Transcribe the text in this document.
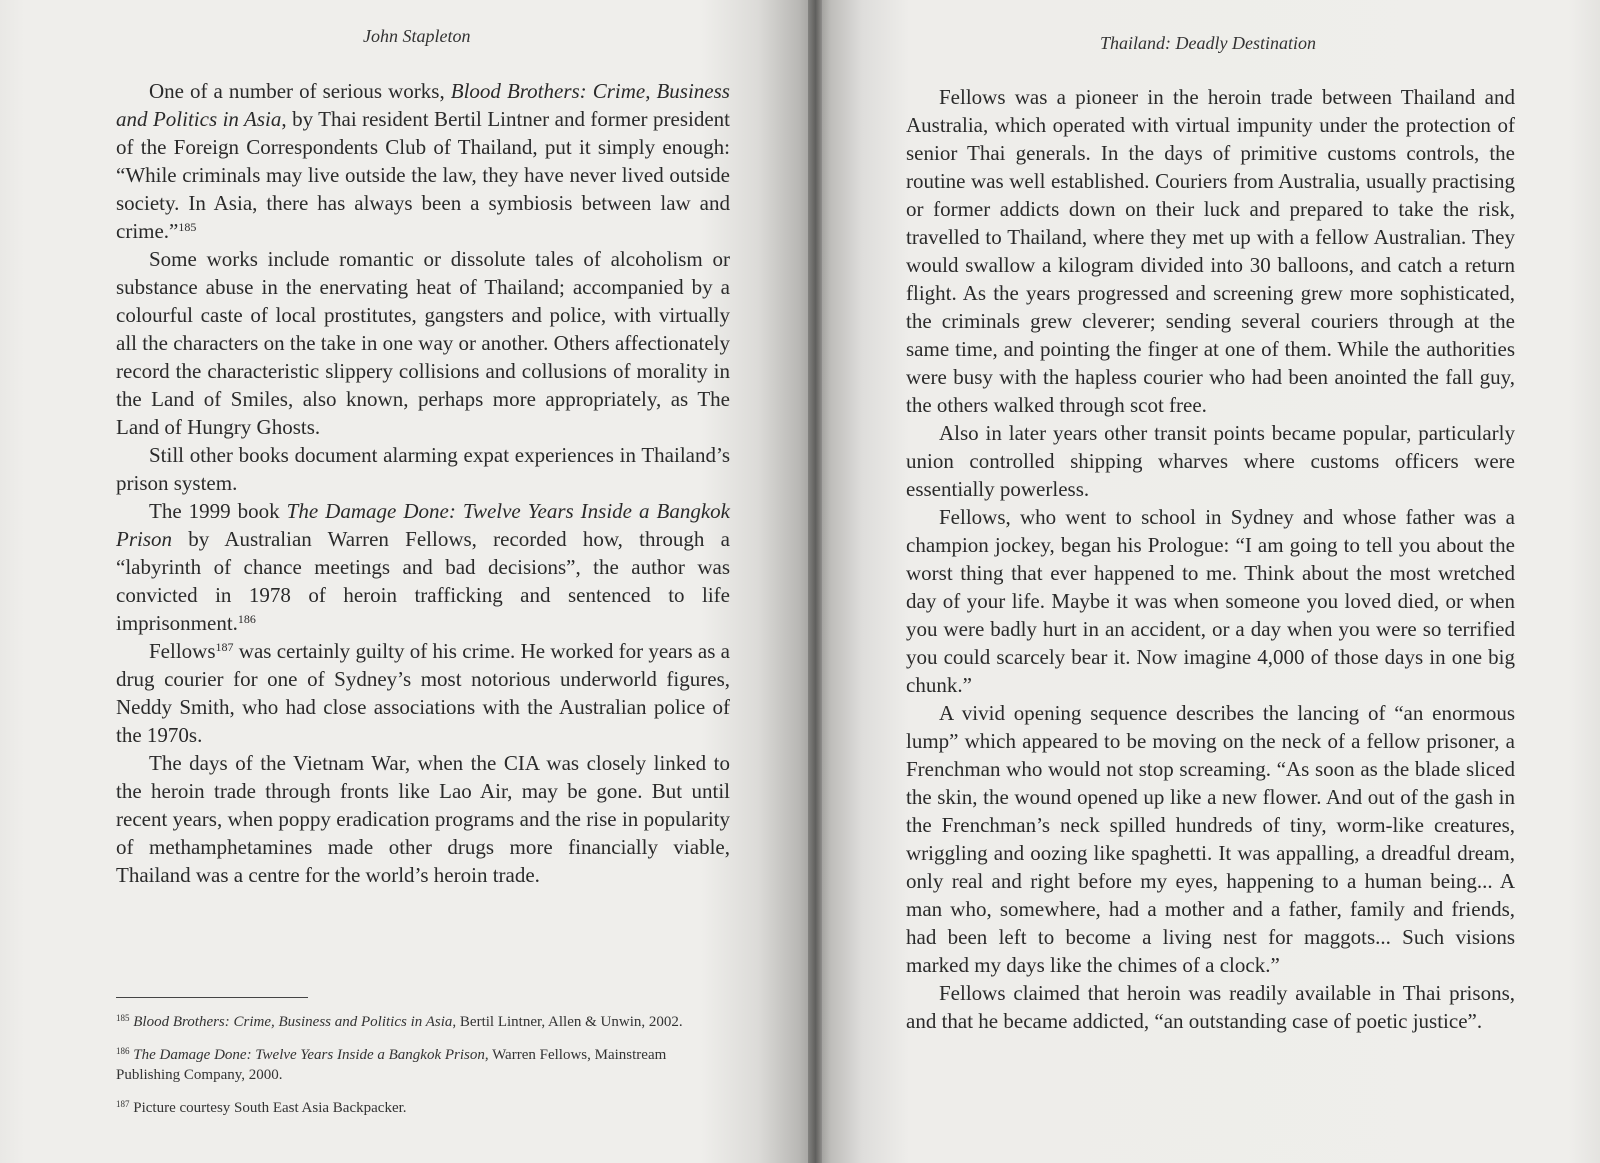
John Stapleton

One of a number of serious works, Blood Brothers: Crime, Business and Politics in Asia, by Thai resident Bertil Lintner and former president of the Foreign Correspondents Club of Thailand, put it simply enough: “While criminals may live outside the law, they have never lived outside society. In Asia, there has always been a symbiosis between law and crime.”$^{185}$

Some works include romantic or dissolute tales of alcoholism or substance abuse in the enervating heat of Thailand; accompanied by a colourful caste of local prostitutes, gangsters and police, with virtually all the characters on the take in one way or another. Others affectionately record the characteristic slippery collisions and collusions of morality in the Land of Smiles, also known, perhaps more appropriately, as The Land of Hungry Ghosts.

Still other books document alarming expat experiences in Thailand’s prison system.

The 1999 book The Damage Done: Twelve Years Inside a Bangkok Prison by Australian Warren Fellows, recorded how, through a “labyrinth of chance meetings and bad decisions”, the author was convicted in 1978 of heroin trafficking and sentenced to life imprisonment.$^{186}$

Fellows$^{187}$ was certainly guilty of his crime. He worked for years as a drug courier for one of Sydney’s most notorious underworld figures, Neddy Smith, who had close associations with the Australian police of the 1970s.

The days of the Vietnam War, when the CIA was closely linked to the heroin trade through fronts like Lao Air, may be gone. But until recent years, when poppy eradication programs and the rise in popularity of methamphetamines made other drugs more financially viable, Thailand was a centre for the world’s heroin trade.

$^{185}$ Blood Brothers: Crime, Business and Politics in Asia, Bertil Lintner, Allen & Unwin, 2002.
$^{186}$ The Damage Done: Twelve Years Inside a Bangkok Prison, Warren Fellows, Mainstream Publishing Company, 2000.
$^{187}$ Picture courtesy South East Asia Backpacker.
Thailand: Deadly Destination

Fellows was a pioneer in the heroin trade between Thailand and Australia, which operated with virtual impunity under the protection of senior Thai generals. In the days of primitive customs controls, the routine was well established. Couriers from Australia, usually practising or former addicts down on their luck and prepared to take the risk, travelled to Thailand, where they met up with a fellow Australian. They would swallow a kilogram divided into 30 balloons, and catch a return flight. As the years progressed and screening grew more sophisticated, the criminals grew cleverer; sending several couriers through at the same time, and pointing the finger at one of them. While the authorities were busy with the hapless courier who had been anointed the fall guy, the others walked through scot free.

Also in later years other transit points became popular, particularly union controlled shipping wharves where customs officers were essentially powerless.

Fellows, who went to school in Sydney and whose father was a champion jockey, began his Prologue: “I am going to tell you about the worst thing that ever happened to me. Think about the most wretched day of your life. Maybe it was when someone you loved died, or when you were badly hurt in an accident, or a day when you were so terrified you could scarcely bear it. Now imagine 4,000 of those days in one big chunk.”

A vivid opening sequence describes the lancing of “an enormous lump” which appeared to be moving on the neck of a fellow prisoner, a Frenchman who would not stop screaming. “As soon as the blade sliced the skin, the wound opened up like a new flower. And out of the gash in the Frenchman’s neck spilled hundreds of tiny, worm-like creatures, wriggling and oozing like spaghetti. It was appalling, a dreadful dream, only real and right before my eyes, happening to a human being... A man who, somewhere, had a mother and a father, family and friends, had been left to become a living nest for maggots... Such visions marked my days like the chimes of a clock.”

Fellows claimed that heroin was readily available in Thai prisons, and that he became addicted, “an outstanding case of poetic justice”.
